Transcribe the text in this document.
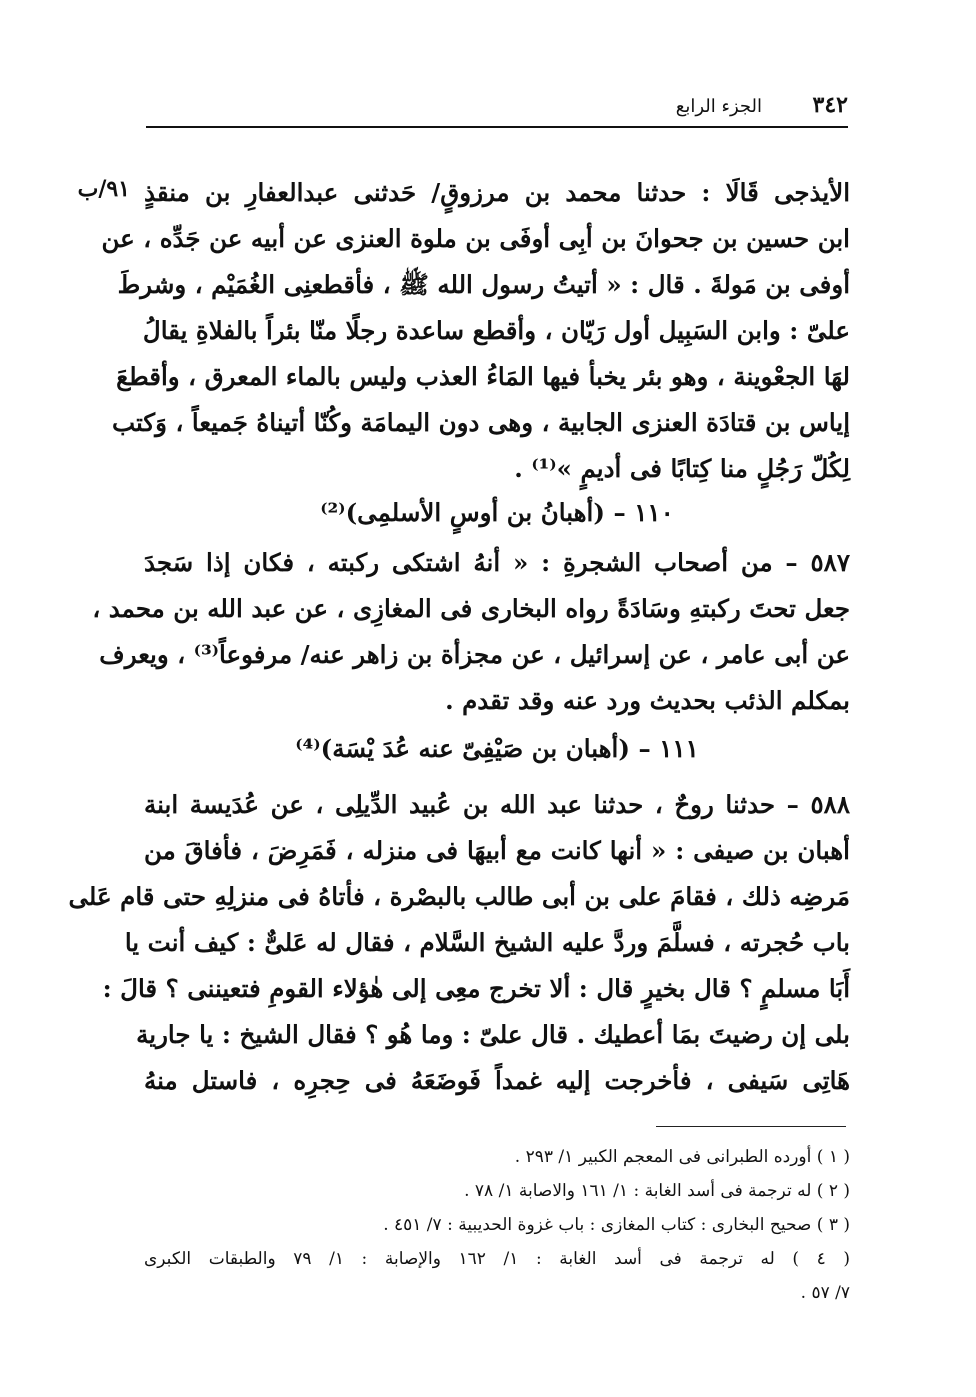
٣٤٢
الجزء الرابع
٩١/ب الأيذجى قَالَا : حدثنا محمد بن مرزوقٍ/ حَدثنى عبدالعفارِ بن منقذٍ
ابن حسين بن جحوانَ بن أبِى أوفَى بن ملوة العنزى عن أبيه عن جَدِّه ، عن
أوفى بن مَولةَ . قال : « أتيتُ رسول الله ﷺ ، فأقطعنِى الغُمَيْم ، وشرطَ
علىّ : وابن السَبِيل أول رَيّان ، وأقطع ساعدة رجلًا منّا بئراً بالفلاةِ يقالُ
لهَا الجعْوينة ، وهو بئر يخبأ فيها المَاءُ العذب وليس بالماء المعرق ، وأقطعَ
إياس بن قتادَة العنزى الجابية ، وهى دون اليمامَة وكُنّا أتيناهُ جَميعاً ، وَكتب
لِكُلّ رَجُلٍ منا كِتابًا فى أديمٍ »⁽¹⁾ .
١١٠ – (أهبانُ بن أوسٍ الأسلمِى)⁽²⁾
٥٨٧ – من أصحاب الشجرةِ : « أنهُ اشتكى ركبته ، فكان إذا سَجدَ
جعل تحتَ ركبتهِ وسَادَةً رواه البخارى فى المغازِى ، عن عبد الله بن محمد ،
عن أبى عامر ، عن إسرائيل ، عن مجزأة بن زاهر عنه/ مرفوعاً⁽³⁾ ، ويعرف
بمكلم الذئب بحديث ورد عنه وقد تقدم .
١١١ – (أهبان بن صَيْفِىّ عنه عُدَ يْسَة)⁽⁴⁾
٥٨٨ – حدثنا روحٌ ، حدثنا عبد الله بن عُبيد الدِّيلِى ، عن عُدَيسة ابنة
أهبان بن صيفى : « أنها كانت مع أبيهَا فى منزله ، فَمَرِضَ ، فأفاقَ من
مَرضِه ذلك ، فقامَ على بن أبى طالب بالبصْرة ، فأتاهُ فى منزلِهِ حتى قام عَلى
باب حُجرته ، فسلَّمَ وردَّ عليه الشيخ السَّلام ، فقال له عَلىٌّ : كيف أنت يا
أَبَا مسلمٍ ؟ قال بخيرٍ قال : ألا تخرج معِى إلى هٰؤلاء القومِ فتعيننى ؟ قالَ :
بلى إن رضيتَ بمَا أعطيك . قال علىّ : وما هُو ؟ فقال الشيخ : يا جارية
هَاتِى سَيفى ، فأخرجت إليه غمداً فَوضَعَهُ فى حِجرِه ، فاستل منهُ
( ١ ) أورده الطبرانى فى المعجم الكبير ١/ ٢٩٣ .
( ٢ ) له ترجمة فى أسد الغابة : ١/ ١٦١ والاصابة ١/ ٧٨ .
( ٣ ) صحيح البخارى : كتاب المغازى : باب غزوة الحديبية : ٧/ ٤٥١ .
( ٤ ) له ترجمة فى أسد الغابة : ١/ ١٦٢ والإصابة : ١/ ٧٩ والطبقات الكبرى
٧/ ٥٧ .
